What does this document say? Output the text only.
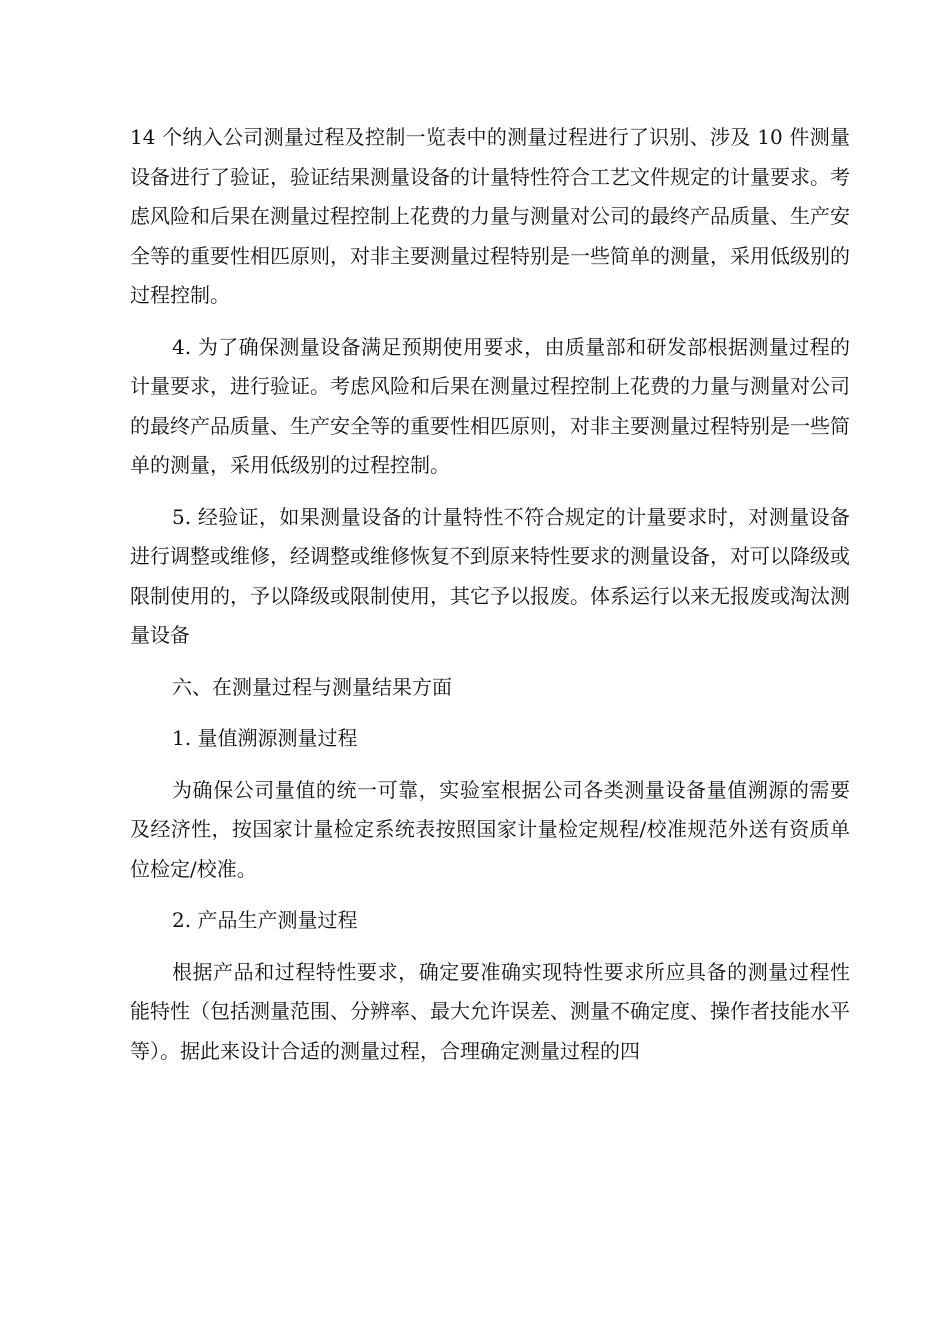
14 个纳入公司测量过程及控制一览表中的测量过程进行了识别、涉及 10 件测量设备进行了验证，验证结果测量设备的计量特性符合工艺文件规定的计量要求。考虑风险和后果在测量过程控制上花费的力量与测量对公司的最终产品质量、生产安全等的重要性相匹原则，对非主要测量过程特别是一些简单的测量，采用低级别的过程控制。

4. 为了确保测量设备满足预期使用要求，由质量部和研发部根据测量过程的计量要求，进行验证。考虑风险和后果在测量过程控制上花费的力量与测量对公司的最终产品质量、生产安全等的重要性相匹原则，对非主要测量过程特别是一些简单的测量，采用低级别的过程控制。

5. 经验证，如果测量设备的计量特性不符合规定的计量要求时，对测量设备进行调整或维修，经调整或维修恢复不到原来特性要求的测量设备，对可以降级或限制使用的，予以降级或限制使用，其它予以报废。体系运行以来无报废或淘汰测量设备

六、在测量过程与测量结果方面

1. 量值溯源测量过程

为确保公司量值的统一可靠，实验室根据公司各类测量设备量值溯源的需要及经济性，按国家计量检定系统表按照国家计量检定规程/校准规范外送有资质单位检定/校准。

2. 产品生产测量过程

根据产品和过程特性要求，确定要准确实现特性要求所应具备的测量过程性能特性（包括测量范围、分辨率、最大允许误差、测量不确定度、操作者技能水平等）。据此来设计合适的测量过程，合理确定测量过程的四
